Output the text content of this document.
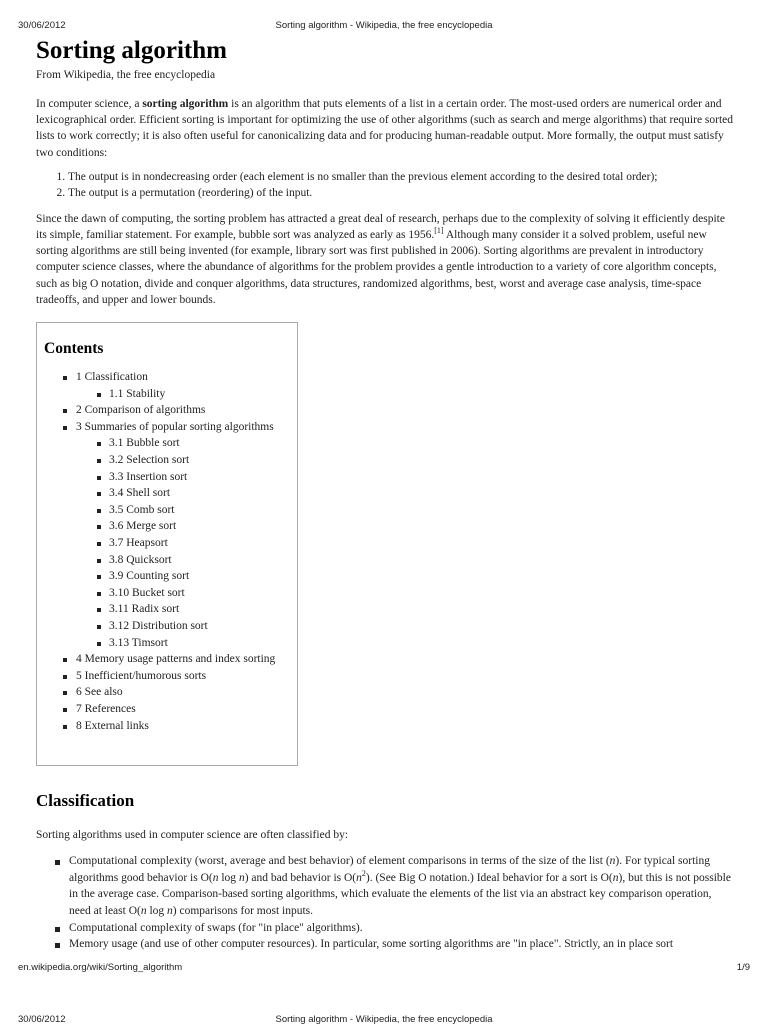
30/06/2012	Sorting algorithm - Wikipedia, the free encyclopedia
Sorting algorithm
From Wikipedia, the free encyclopedia

In computer science, a sorting algorithm is an algorithm that puts elements of a list in a certain order. The most-used orders are numerical order and lexicographical order. Efficient sorting is important for optimizing the use of other algorithms (such as search and merge algorithms) that require sorted lists to work correctly; it is also often useful for canonicalizing data and for producing human-readable output. More formally, the output must satisfy two conditions:

1. The output is in nondecreasing order (each element is no smaller than the previous element according to the desired total order);
2. The output is a permutation (reordering) of the input.

Since the dawn of computing, the sorting problem has attracted a great deal of research, perhaps due to the complexity of solving it efficiently despite its simple, familiar statement. For example, bubble sort was analyzed as early as 1956.[1] Although many consider it a solved problem, useful new sorting algorithms are still being invented (for example, library sort was first published in 2006). Sorting algorithms are prevalent in introductory computer science classes, where the abundance of algorithms for the problem provides a gentle introduction to a variety of core algorithm concepts, such as big O notation, divide and conquer algorithms, data structures, randomized algorithms, best, worst and average case analysis, time-space tradeoffs, and upper and lower bounds.

Contents
1 Classification
1.1 Stability
2 Comparison of algorithms
3 Summaries of popular sorting algorithms
3.1 Bubble sort
3.2 Selection sort
3.3 Insertion sort
3.4 Shell sort
3.5 Comb sort
3.6 Merge sort
3.7 Heapsort
3.8 Quicksort
3.9 Counting sort
3.10 Bucket sort
3.11 Radix sort
3.12 Distribution sort
3.13 Timsort
4 Memory usage patterns and index sorting
5 Inefficient/humorous sorts
6 See also
7 References
8 External links
Classification

Sorting algorithms used in computer science are often classified by:

Computational complexity (worst, average and best behavior) of element comparisons in terms of the size of the list (n). For typical sorting algorithms good behavior is O(n log n) and bad behavior is $O(n^2)$. (See Big O notation.) Ideal behavior for a sort is O(n), but this is not possible in the average case. Comparison-based sorting algorithms, which evaluate the elements of the list via an abstract key comparison operation, need at least O(n log n) comparisons for most inputs.
Computational complexity of swaps (for "in place" algorithms).
Memory usage (and use of other computer resources). In particular, some sorting algorithms are "in place". Strictly, an in place sort
en.wikipedia.org/wiki/Sorting_algorithm	1/9
30/06/2012	Sorting algorithm - Wikipedia, the free encyclopedia
